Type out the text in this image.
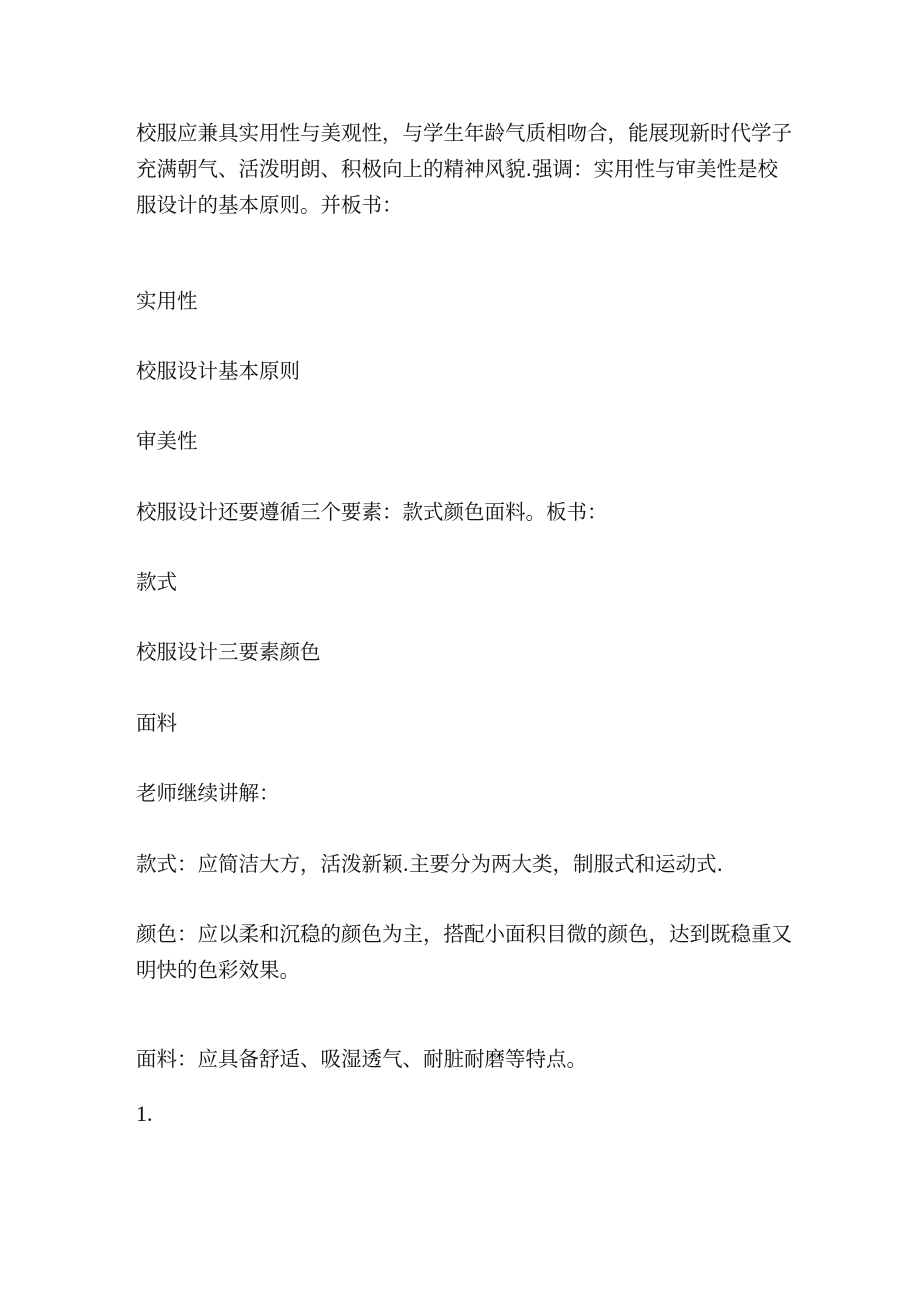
校服应兼具实用性与美观性，与学生年龄气质相吻合，能展现新时代学子充满朝气、活泼明朗、积极向上的精神风貌.强调：实用性与审美性是校服设计的基本原则。并板书：

实用性

校服设计基本原则

审美性

校服设计还要遵循三个要素：款式颜色面料。板书：

款式

校服设计三要素颜色

面料

老师继续讲解：

款式：应简洁大方，活泼新颖.主要分为两大类，制服式和运动式.

颜色：应以柔和沉稳的颜色为主，搭配小面积目微的颜色，达到既稳重又明快的色彩效果。

面料：应具备舒适、吸湿透气、耐脏耐磨等特点。

1.
